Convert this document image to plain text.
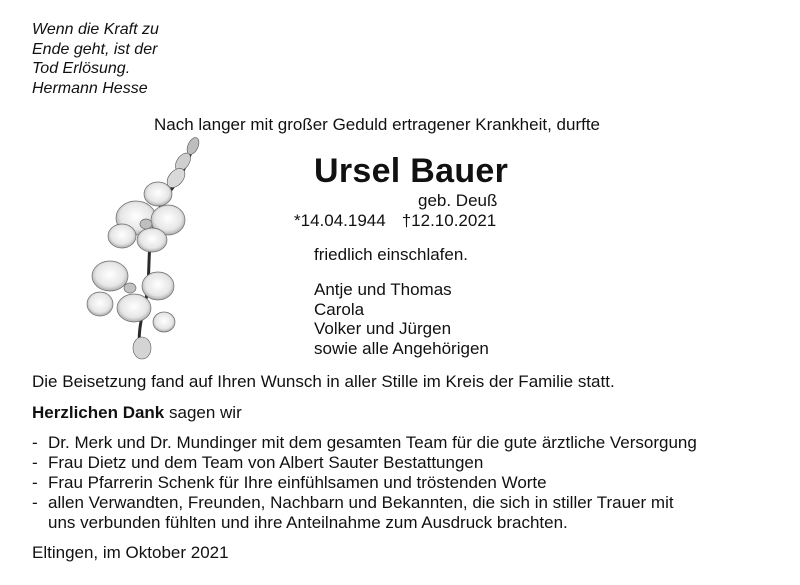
Wenn die Kraft zu
Ende geht, ist der
Tod Erlösung.
Hermann Hesse
Nach langer mit großer Geduld ertragener Krankheit, durfte
Ursel Bauer
geb. Deuß
*14.04.1944 †12.10.2021
friedlich einschlafen.
Antje und Thomas
Carola
Volker und Jürgen
sowie alle Angehörigen
Die Beisetzung fand auf Ihren Wunsch in aller Stille im Kreis der Familie statt.
Herzlichen Dank sagen wir
- Dr. Merk und Dr. Mundinger mit dem gesamten Team für die gute ärztliche Versorgung
- Frau Dietz und dem Team von Albert Sauter Bestattungen
- Frau Pfarrerin Schenk für Ihre einfühlsamen und tröstenden Worte
- allen Verwandten, Freunden, Nachbarn und Bekannten, die sich in stiller Trauer mit
uns verbunden fühlten und ihre Anteilnahme zum Ausdruck brachten.
Eltingen, im Oktober 2021
